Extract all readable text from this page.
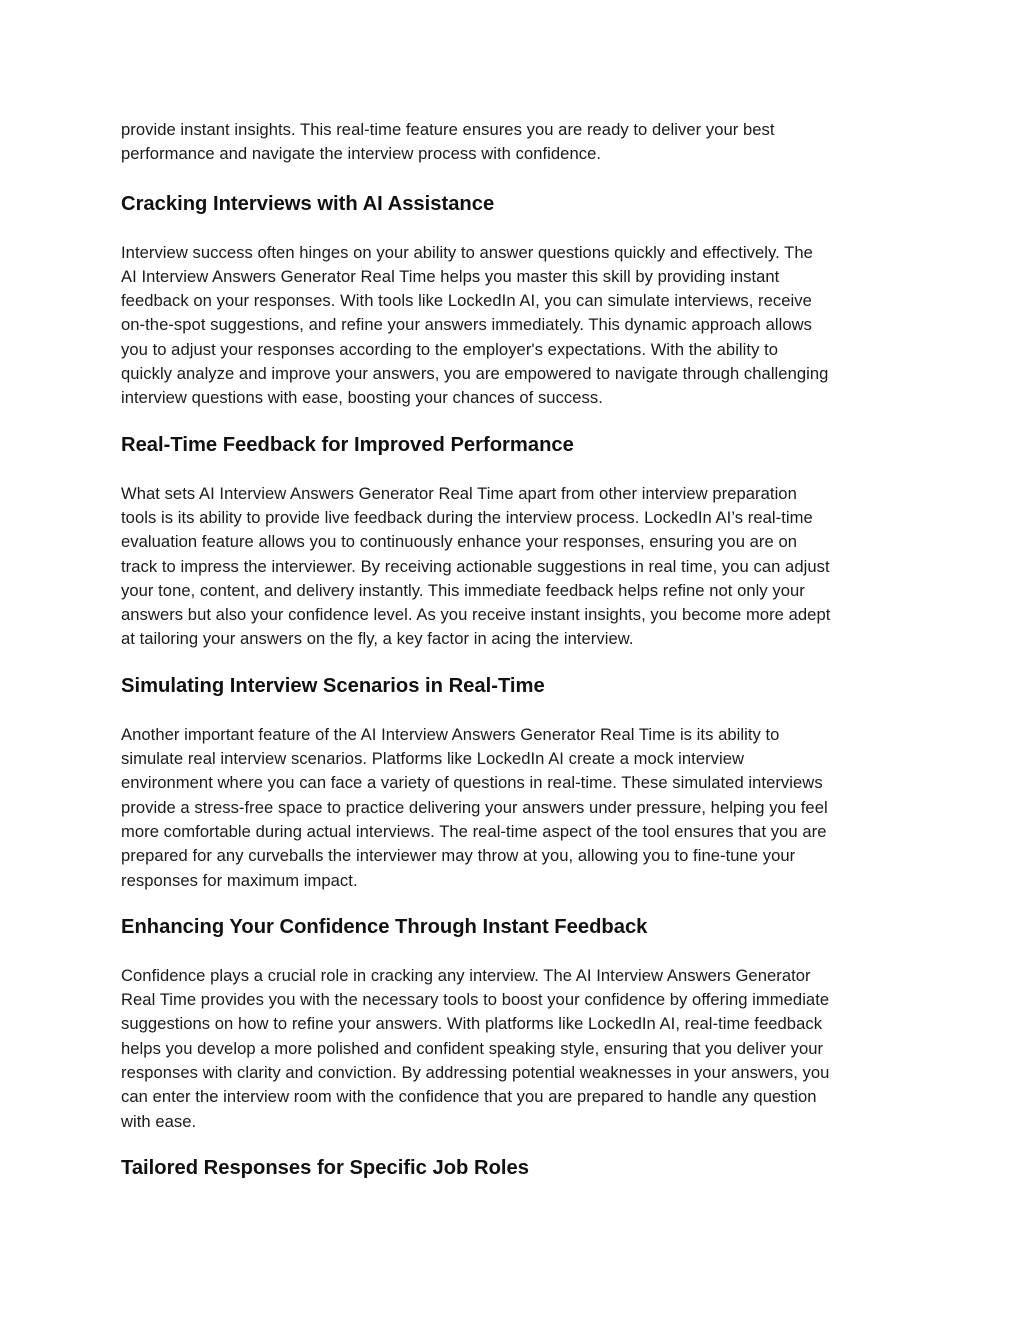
provide instant insights. This real-time feature ensures you are ready to deliver your best
performance and navigate the interview process with confidence.

Cracking Interviews with AI Assistance

Interview success often hinges on your ability to answer questions quickly and effectively. The
AI Interview Answers Generator Real Time helps you master this skill by providing instant
feedback on your responses. With tools like LockedIn AI, you can simulate interviews, receive
on-the-spot suggestions, and refine your answers immediately. This dynamic approach allows
you to adjust your responses according to the employer's expectations. With the ability to
quickly analyze and improve your answers, you are empowered to navigate through challenging
interview questions with ease, boosting your chances of success.

Real-Time Feedback for Improved Performance

What sets AI Interview Answers Generator Real Time apart from other interview preparation
tools is its ability to provide live feedback during the interview process. LockedIn AI’s real-time
evaluation feature allows you to continuously enhance your responses, ensuring you are on
track to impress the interviewer. By receiving actionable suggestions in real time, you can adjust
your tone, content, and delivery instantly. This immediate feedback helps refine not only your
answers but also your confidence level. As you receive instant insights, you become more adept
at tailoring your answers on the fly, a key factor in acing the interview.

Simulating Interview Scenarios in Real-Time

Another important feature of the AI Interview Answers Generator Real Time is its ability to
simulate real interview scenarios. Platforms like LockedIn AI create a mock interview
environment where you can face a variety of questions in real-time. These simulated interviews
provide a stress-free space to practice delivering your answers under pressure, helping you feel
more comfortable during actual interviews. The real-time aspect of the tool ensures that you are
prepared for any curveballs the interviewer may throw at you, allowing you to fine-tune your
responses for maximum impact.

Enhancing Your Confidence Through Instant Feedback

Confidence plays a crucial role in cracking any interview. The AI Interview Answers Generator
Real Time provides you with the necessary tools to boost your confidence by offering immediate
suggestions on how to refine your answers. With platforms like LockedIn AI, real-time feedback
helps you develop a more polished and confident speaking style, ensuring that you deliver your
responses with clarity and conviction. By addressing potential weaknesses in your answers, you
can enter the interview room with the confidence that you are prepared to handle any question
with ease.

Tailored Responses for Specific Job Roles
